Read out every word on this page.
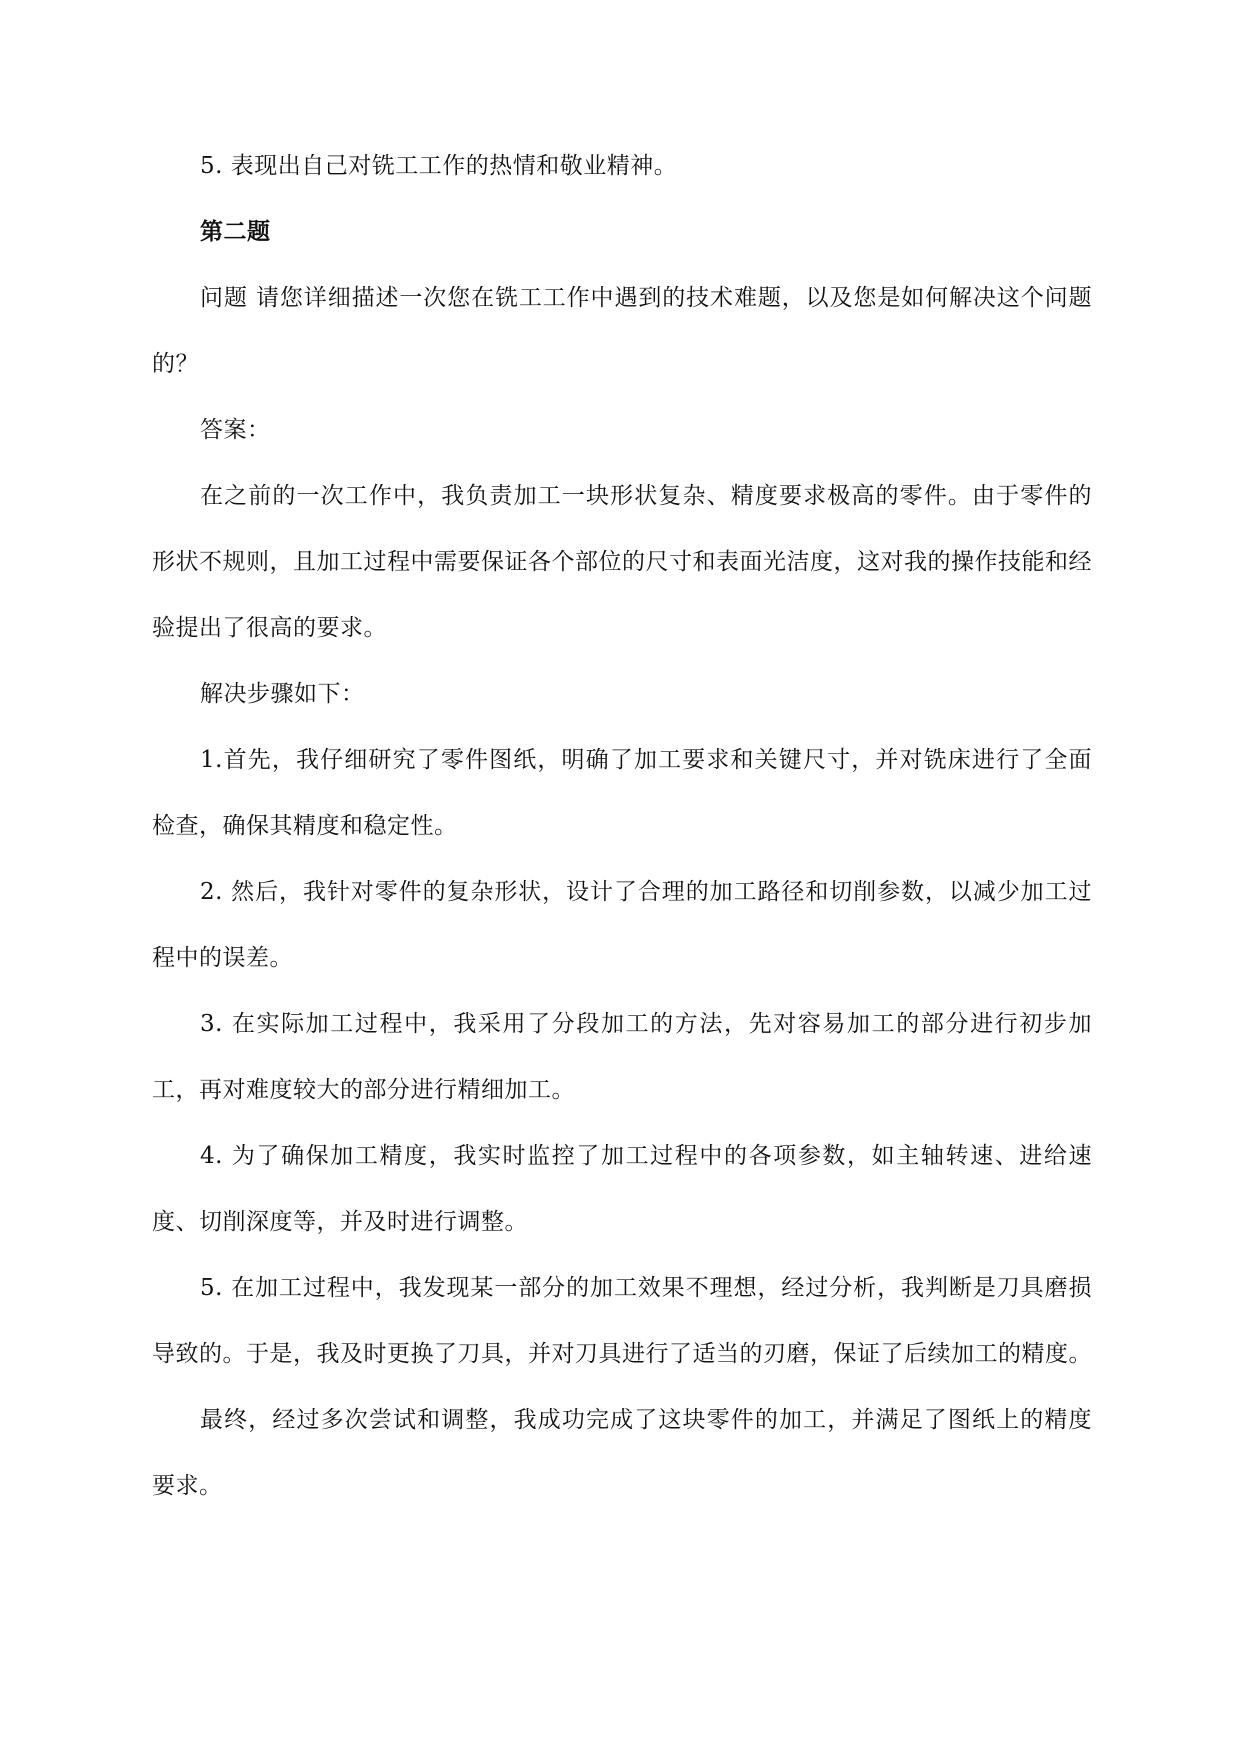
5. 表现出自己对铣工工作的热情和敬业精神。

第二题

问题 请您详细描述一次您在铣工工作中遇到的技术难题，以及您是如何解决这个问题的？

答案：

在之前的一次工作中，我负责加工一块形状复杂、精度要求极高的零件。由于零件的形状不规则，且加工过程中需要保证各个部位的尺寸和表面光洁度，这对我的操作技能和经验提出了很高的要求。

解决步骤如下：

1.首先，我仔细研究了零件图纸，明确了加工要求和关键尺寸，并对铣床进行了全面检查，确保其精度和稳定性。

2. 然后，我针对零件的复杂形状，设计了合理的加工路径和切削参数，以减少加工过程中的误差。

3. 在实际加工过程中，我采用了分段加工的方法，先对容易加工的部分进行初步加工，再对难度较大的部分进行精细加工。

4. 为了确保加工精度，我实时监控了加工过程中的各项参数，如主轴转速、进给速度、切削深度等，并及时进行调整。

5. 在加工过程中，我发现某一部分的加工效果不理想，经过分析，我判断是刀具磨损导致的。于是，我及时更换了刀具，并对刀具进行了适当的刃磨，保证了后续加工的精度。

最终，经过多次尝试和调整，我成功完成了这块零件的加工，并满足了图纸上的精度要求。
